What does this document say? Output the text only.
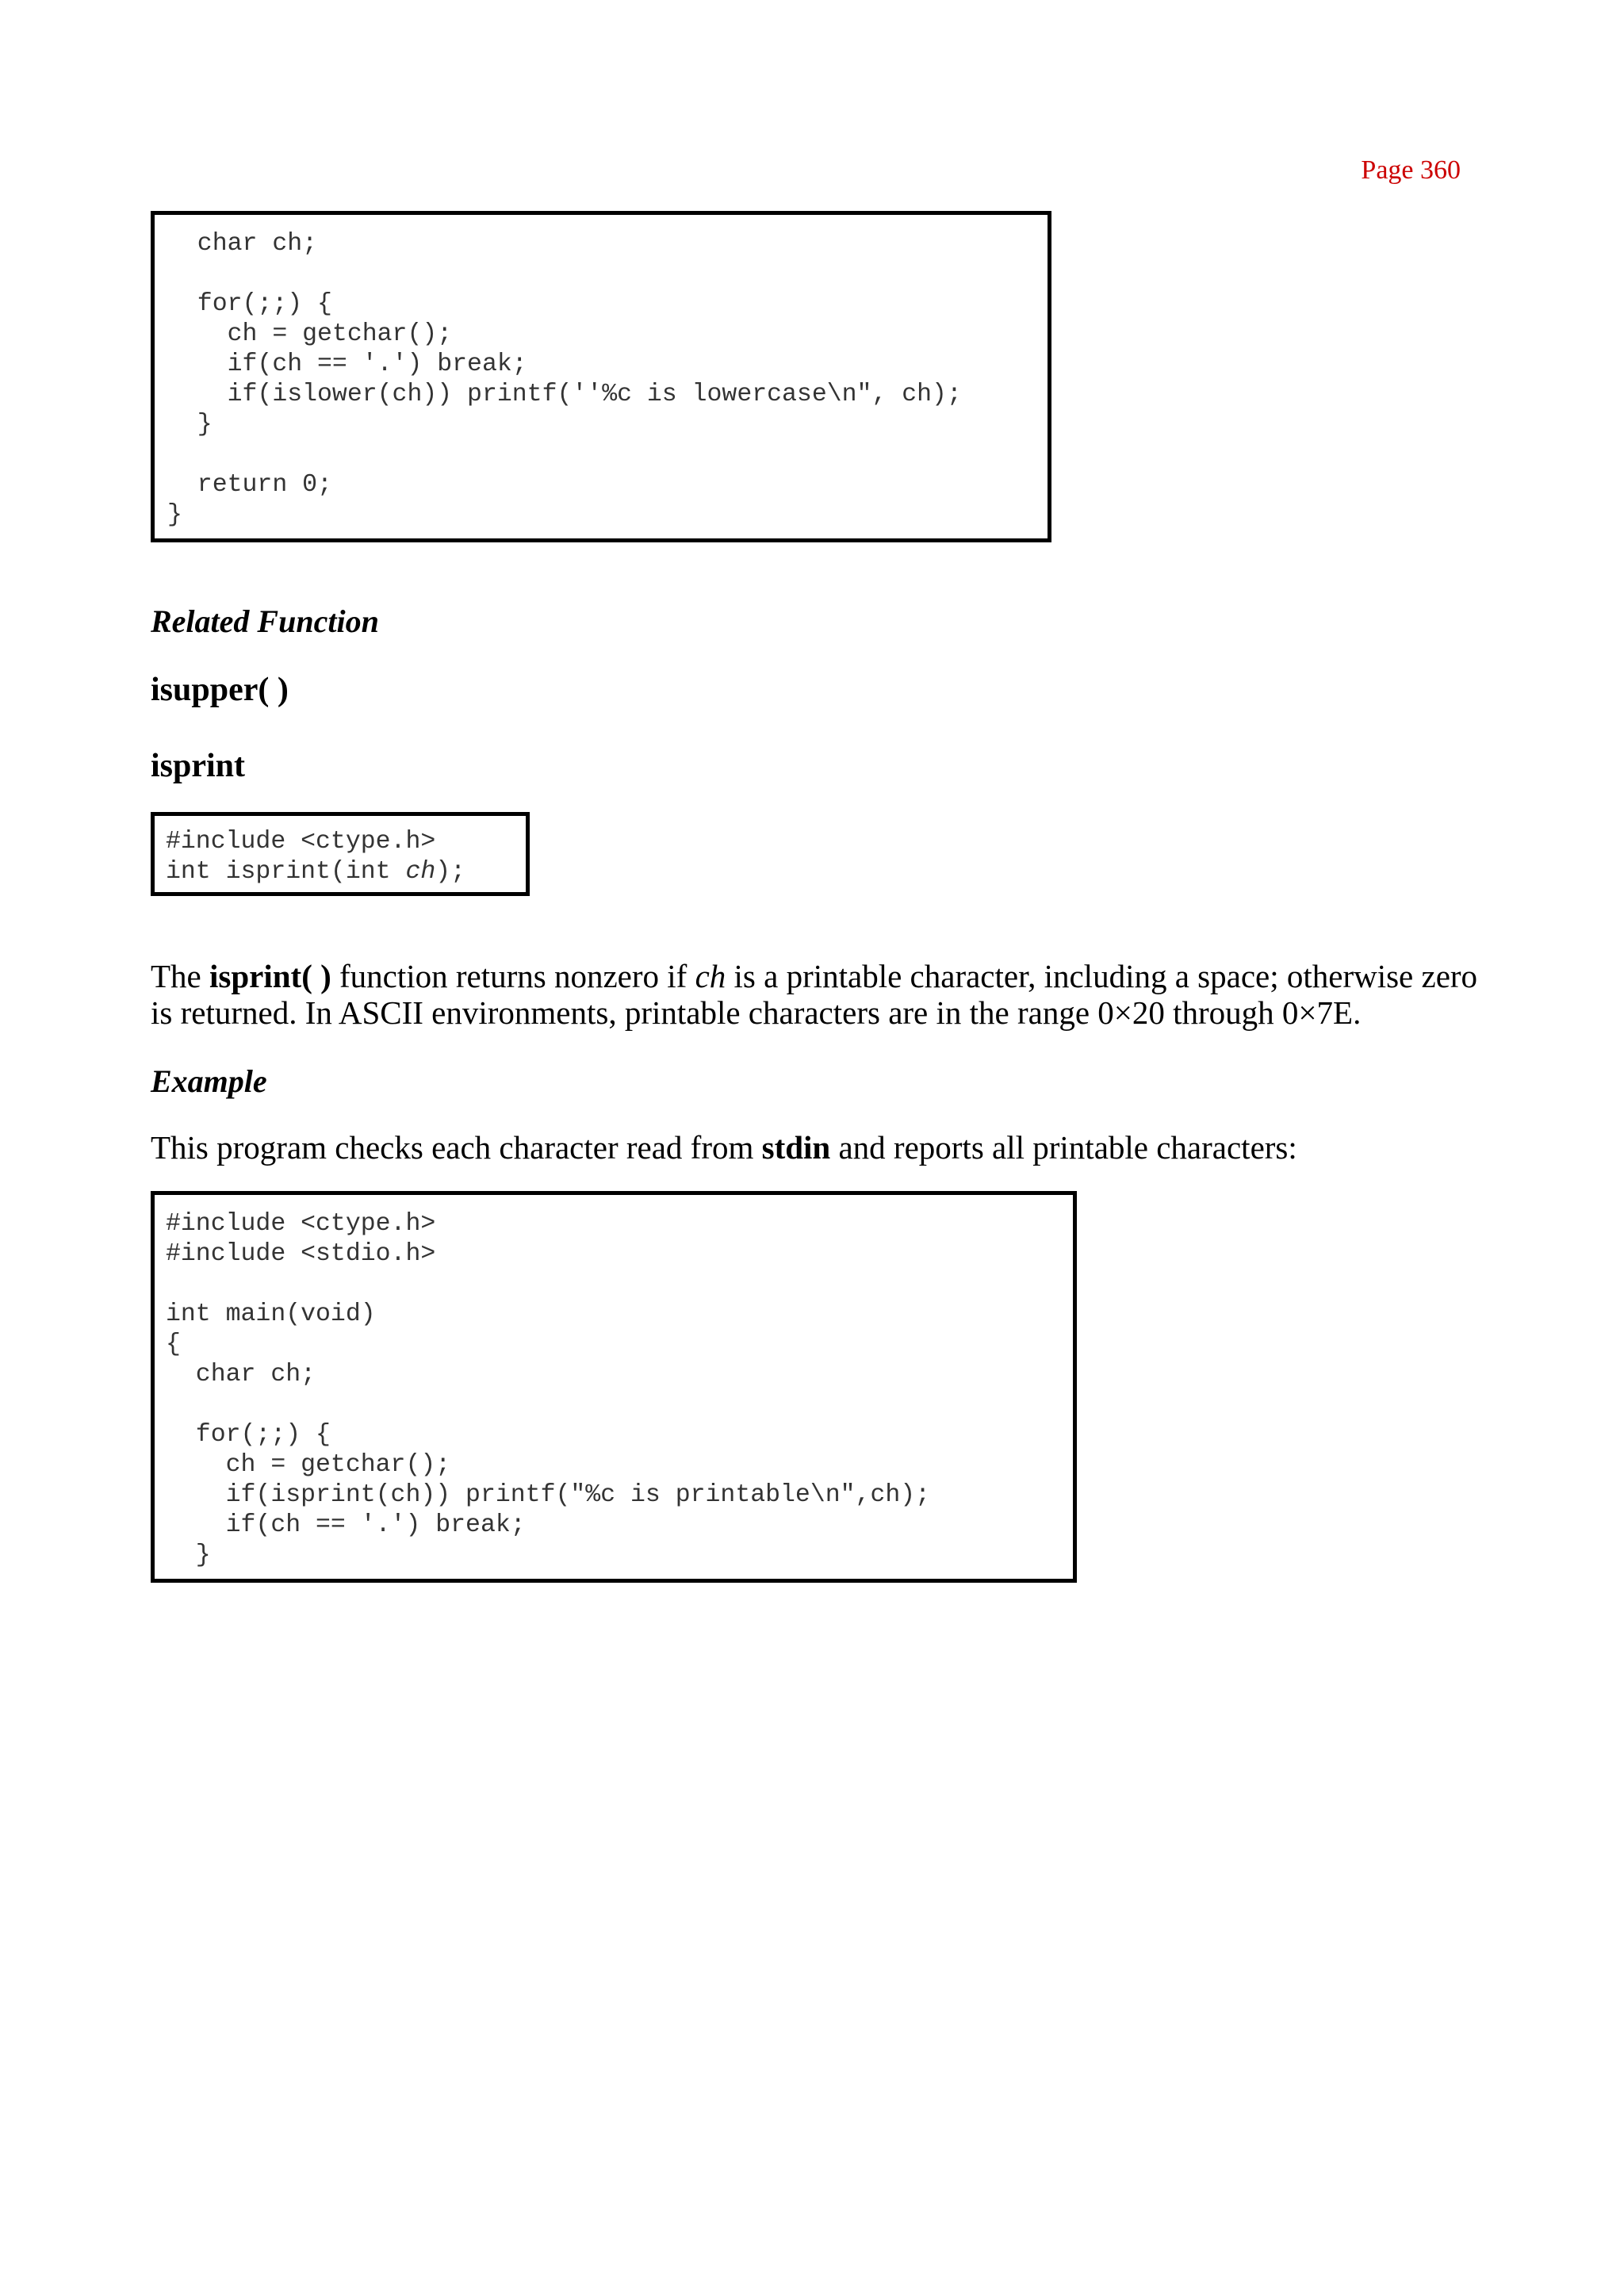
Page 360
char ch;
for(;;) {
ch = getchar();
if(ch == '.') break;
if(islower(ch)) printf(''%c is lowercase\n", ch);
}
return 0;
}
Related Function
isupper( )
isprint
#include <ctype.h>
int isprint(int ch);
The isprint( ) function returns nonzero if ch is a printable character, including a space; otherwise zero is returned. In ASCII environments, printable characters are in the range 0×20 through 0×7E.
Example
This program checks each character read from stdin and reports all printable characters:
#include <ctype.h>
#include <stdio.h>
int main(void)
{
char ch;
for(;;) {
ch = getchar();
if(isprint(ch)) printf("%c is printable\n",ch);
if(ch == '.') break;
}
